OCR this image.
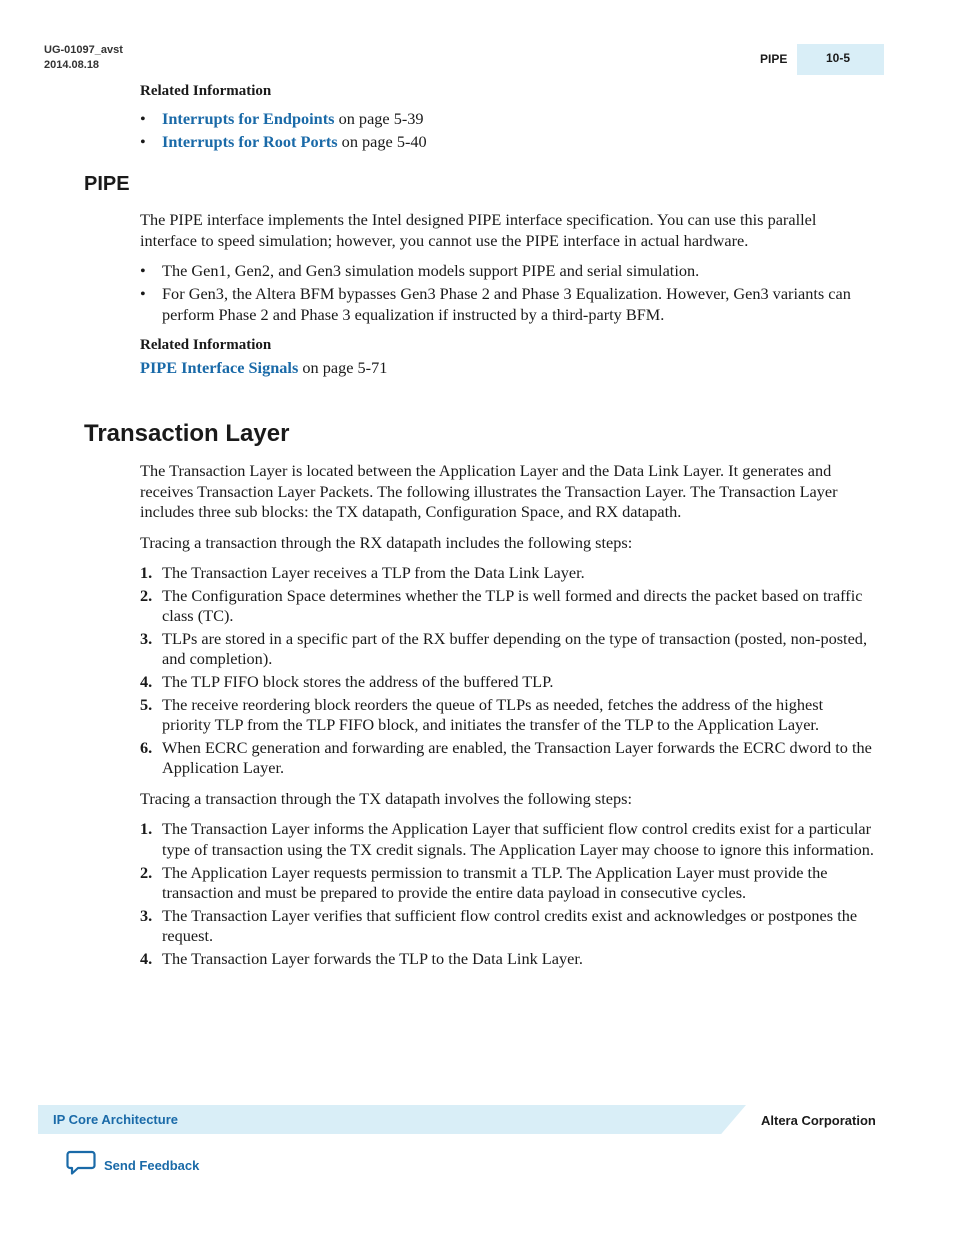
UG-01097_avst
2014.08.18	PIPE	10-5
Related Information
• Interrupts for Endpoints on page 5-39
• Interrupts for Root Ports on page 5-40
PIPE

The PIPE interface implements the Intel designed PIPE interface specification. You can use this parallel interface to speed simulation; however, you cannot use the PIPE interface in actual hardware.

• The Gen1, Gen2, and Gen3 simulation models support PIPE and serial simulation.
• For Gen3, the Altera BFM bypasses Gen3 Phase 2 and Phase 3 Equalization. However, Gen3 variants can perform Phase 2 and Phase 3 equalization if instructed by a third-party BFM.
Related Information
PIPE Interface Signals on page 5-71
Transaction Layer

The Transaction Layer is located between the Application Layer and the Data Link Layer. It generates and receives Transaction Layer Packets. The following illustrates the Transaction Layer. The Transaction Layer includes three sub blocks: the TX datapath, Configuration Space, and RX datapath.

Tracing a transaction through the RX datapath includes the following steps:

1. The Transaction Layer receives a TLP from the Data Link Layer.
2. The Configuration Space determines whether the TLP is well formed and directs the packet based on traffic class (TC).
3. TLPs are stored in a specific part of the RX buffer depending on the type of transaction (posted, non-posted, and completion).
4. The TLP FIFO block stores the address of the buffered TLP.
5. The receive reordering block reorders the queue of TLPs as needed, fetches the address of the highest priority TLP from the TLP FIFO block, and initiates the transfer of the TLP to the Application Layer.
6. When ECRC generation and forwarding are enabled, the Transaction Layer forwards the ECRC dword to the Application Layer.

Tracing a transaction through the TX datapath involves the following steps:

1. The Transaction Layer informs the Application Layer that sufficient flow control credits exist for a particular type of transaction using the TX credit signals. The Application Layer may choose to ignore this information.
2. The Application Layer requests permission to transmit a TLP. The Application Layer must provide the transaction and must be prepared to provide the entire data payload in consecutive cycles.
3. The Transaction Layer verifies that sufficient flow control credits exist and acknowledges or postpones the request.
4. The Transaction Layer forwards the TLP to the Data Link Layer.
IP Core Architecture	Altera Corporation
Send Feedback
